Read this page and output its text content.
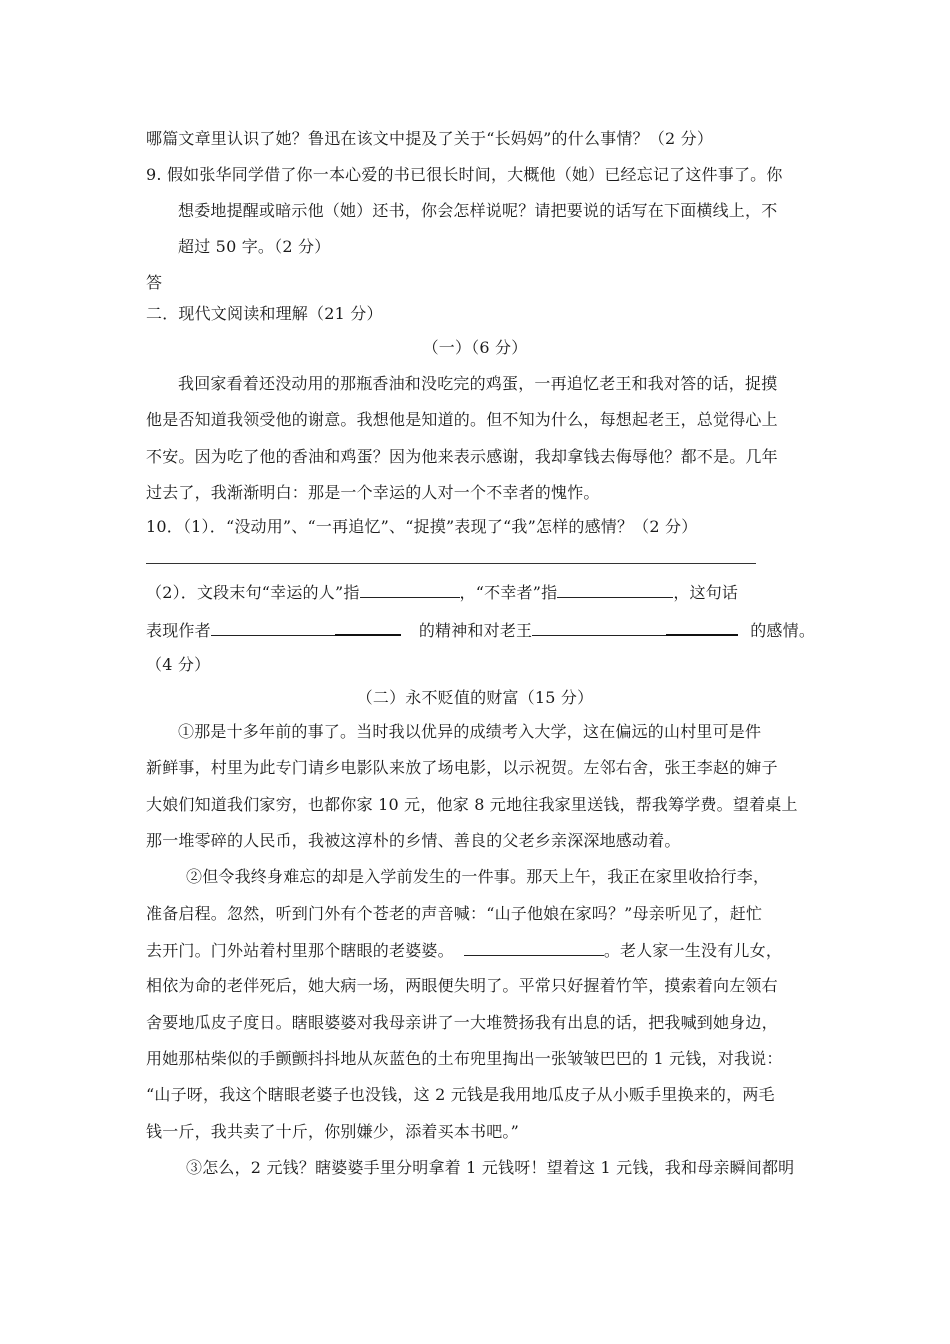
哪篇文章里认识了她？鲁迅在该文中提及了关于“长妈妈”的什么事情？（2 分）
9. 假如张华同学借了你一本心爱的书已很长时间，大概他（她）已经忘记了这件事了。你
想委地提醒或暗示他（她）还书，你会怎样说呢？请把要说的话写在下面横线上，不
超过 50 字。（2 分）
答
二．现代文阅读和理解（21 分）
（一）（6 分）
我回家看着还没动用的那瓶香油和没吃完的鸡蛋，一再追忆老王和我对答的话，捉摸
他是否知道我领受他的谢意。我想他是知道的。但不知为什么，每想起老王，总觉得心上
不安。因为吃了他的香油和鸡蛋？因为他来表示感谢，我却拿钱去侮辱他？都不是。几年
过去了，我渐渐明白：那是一个幸运的人对一个不幸者的愧怍。
10．（1）．“没动用”、“一再追忆”、“捉摸”表现了“我”怎样的感情？（2 分）
（2）．文段末句“幸运的人”指	，“不幸者”指	，这句话
表现作者	的精神和对老王	的感情。
（4 分）
（二）永不贬值的财富（15 分）
①那是十多年前的事了。当时我以优异的成绩考入大学，这在偏远的山村里可是件
新鲜事，村里为此专门请乡电影队来放了场电影，以示祝贺。左邻右舍，张王李赵的婶子
大娘们知道我们家穷，也都你家 10 元，他家 8 元地往我家里送钱，帮我筹学费。望着桌上
那一堆零碎的人民币，我被这淳朴的乡情、善良的父老乡亲深深地感动着。
②但令我终身难忘的却是入学前发生的一件事。那天上午，我正在家里收拾行李，
准备启程。忽然，听到门外有个苍老的声音喊：“山子他娘在家吗？”母亲听见了，赶忙
去开门。门外站着村里那个瞎眼的老婆婆。	。老人家一生没有儿女，
相依为命的老伴死后，她大病一场，两眼便失明了。平常只好握着竹竿，摸索着向左领右
舍要地瓜皮子度日。瞎眼婆婆对我母亲讲了一大堆赞扬我有出息的话，把我喊到她身边，
用她那枯柴似的手颤颤抖抖地从灰蓝色的土布兜里掏出一张皱皱巴巴的 1 元钱，对我说：
“山子呀，我这个瞎眼老婆子也没钱，这 2 元钱是我用地瓜皮子从小贩手里换来的，两毛
钱一斤，我共卖了十斤，你别嫌少，添着买本书吧。”
③怎么，2 元钱？瞎婆婆手里分明拿着 1 元钱呀！望着这 1 元钱，我和母亲瞬间都明
